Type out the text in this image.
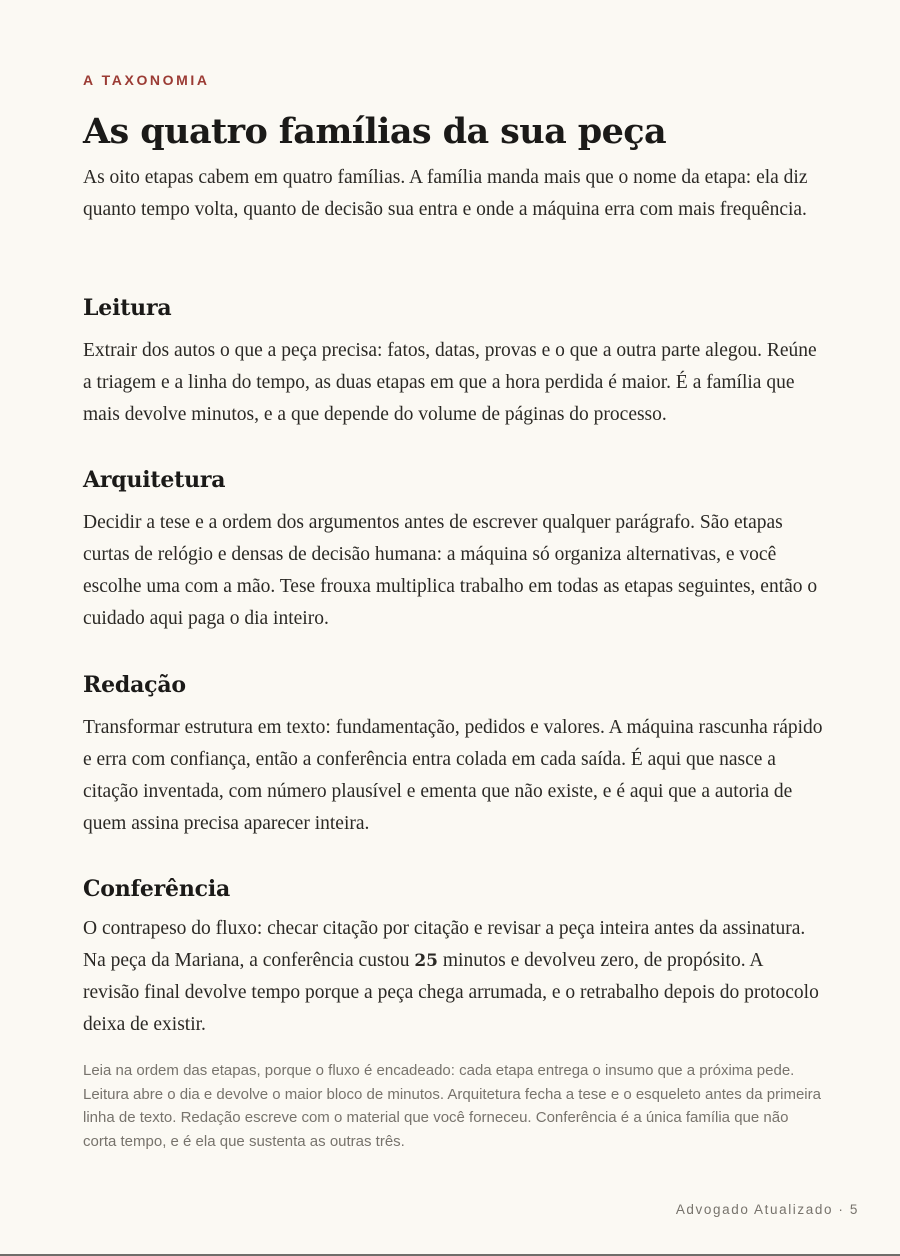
A TAXONOMIA
As quatro famílias da sua peça

As oito etapas cabem em quatro famílias. A família manda mais que o nome da etapa: ela diz quanto tempo volta, quanto de decisão sua entra e onde a máquina erra com mais frequência.

Leitura

Extrair dos autos o que a peça precisa: fatos, datas, provas e o que a outra parte alegou. Reúne a triagem e a linha do tempo, as duas etapas em que a hora perdida é maior. É a família que mais devolve minutos, e a que depende do volume de páginas do processo.

Arquitetura

Decidir a tese e a ordem dos argumentos antes de escrever qualquer parágrafo. São etapas curtas de relógio e densas de decisão humana: a máquina só organiza alternativas, e você escolhe uma com a mão. Tese frouxa multiplica trabalho em todas as etapas seguintes, então o cuidado aqui paga o dia inteiro.

Redação

Transformar estrutura em texto: fundamentação, pedidos e valores. A máquina rascunha rápido e erra com confiança, então a conferência entra colada em cada saída. É aqui que nasce a citação inventada, com número plausível e ementa que não existe, e é aqui que a autoria de quem assina precisa aparecer inteira.

Conferência

O contrapeso do fluxo: checar citação por citação e revisar a peça inteira antes da assinatura. Na peça da Mariana, a conferência custou 25 minutos e devolveu zero, de propósito. A revisão final devolve tempo porque a peça chega arrumada, e o retrabalho depois do protocolo deixa de existir.

Leia na ordem das etapas, porque o fluxo é encadeado: cada etapa entrega o insumo que a próxima pede. Leitura abre o dia e devolve o maior bloco de minutos. Arquitetura fecha a tese e o esqueleto antes da primeira linha de texto. Redação escreve com o material que você forneceu. Conferência é a única família que não corta tempo, e é ela que sustenta as outras três.

Advogado Atualizado · 5
